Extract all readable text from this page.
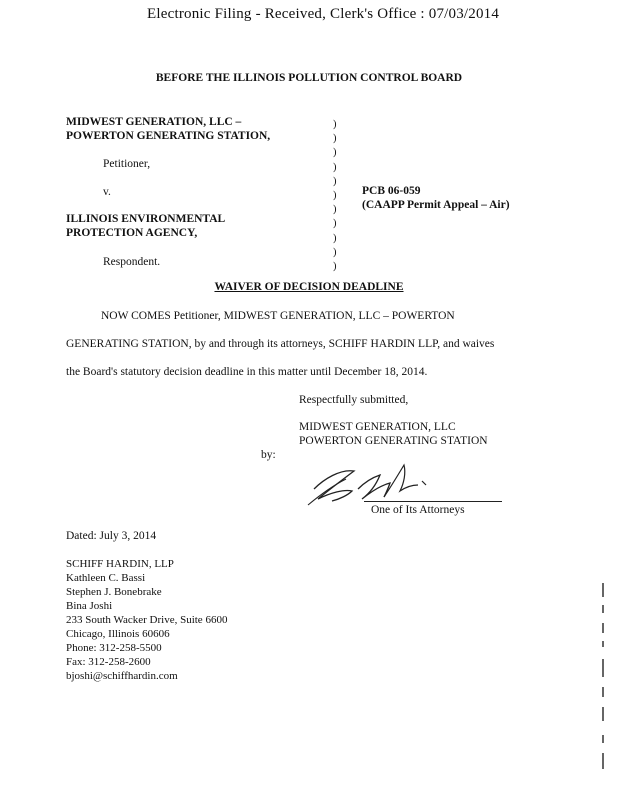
Electronic Filing - Received, Clerk's Office : 07/03/2014
BEFORE THE ILLINOIS POLLUTION CONTROL BOARD
MIDWEST GENERATION, LLC –
POWERTON GENERATING STATION,
Petitioner,
v.
ILLINOIS ENVIRONMENTAL
PROTECTION AGENCY,
Respondent.
)
)
)
)
)
)
)
)
)
)
)
PCB 06-059
(CAAPP Permit Appeal – Air)
WAIVER OF DECISION DEADLINE
NOW COMES Petitioner, MIDWEST GENERATION, LLC – POWERTON
GENERATING STATION, by and through its attorneys, SCHIFF HARDIN LLP, and waives
the Board's statutory decision deadline in this matter until December 18, 2014.
Respectfully submitted,
MIDWEST GENERATION, LLC
POWERTON GENERATING STATION
by:
One of Its Attorneys
Dated: July 3, 2014
SCHIFF HARDIN, LLP
Kathleen C. Bassi
Stephen J. Bonebrake
Bina Joshi
233 South Wacker Drive, Suite 6600
Chicago, Illinois 60606
Phone: 312-258-5500
Fax: 312-258-2600
bjoshi@schiffhardin.com
